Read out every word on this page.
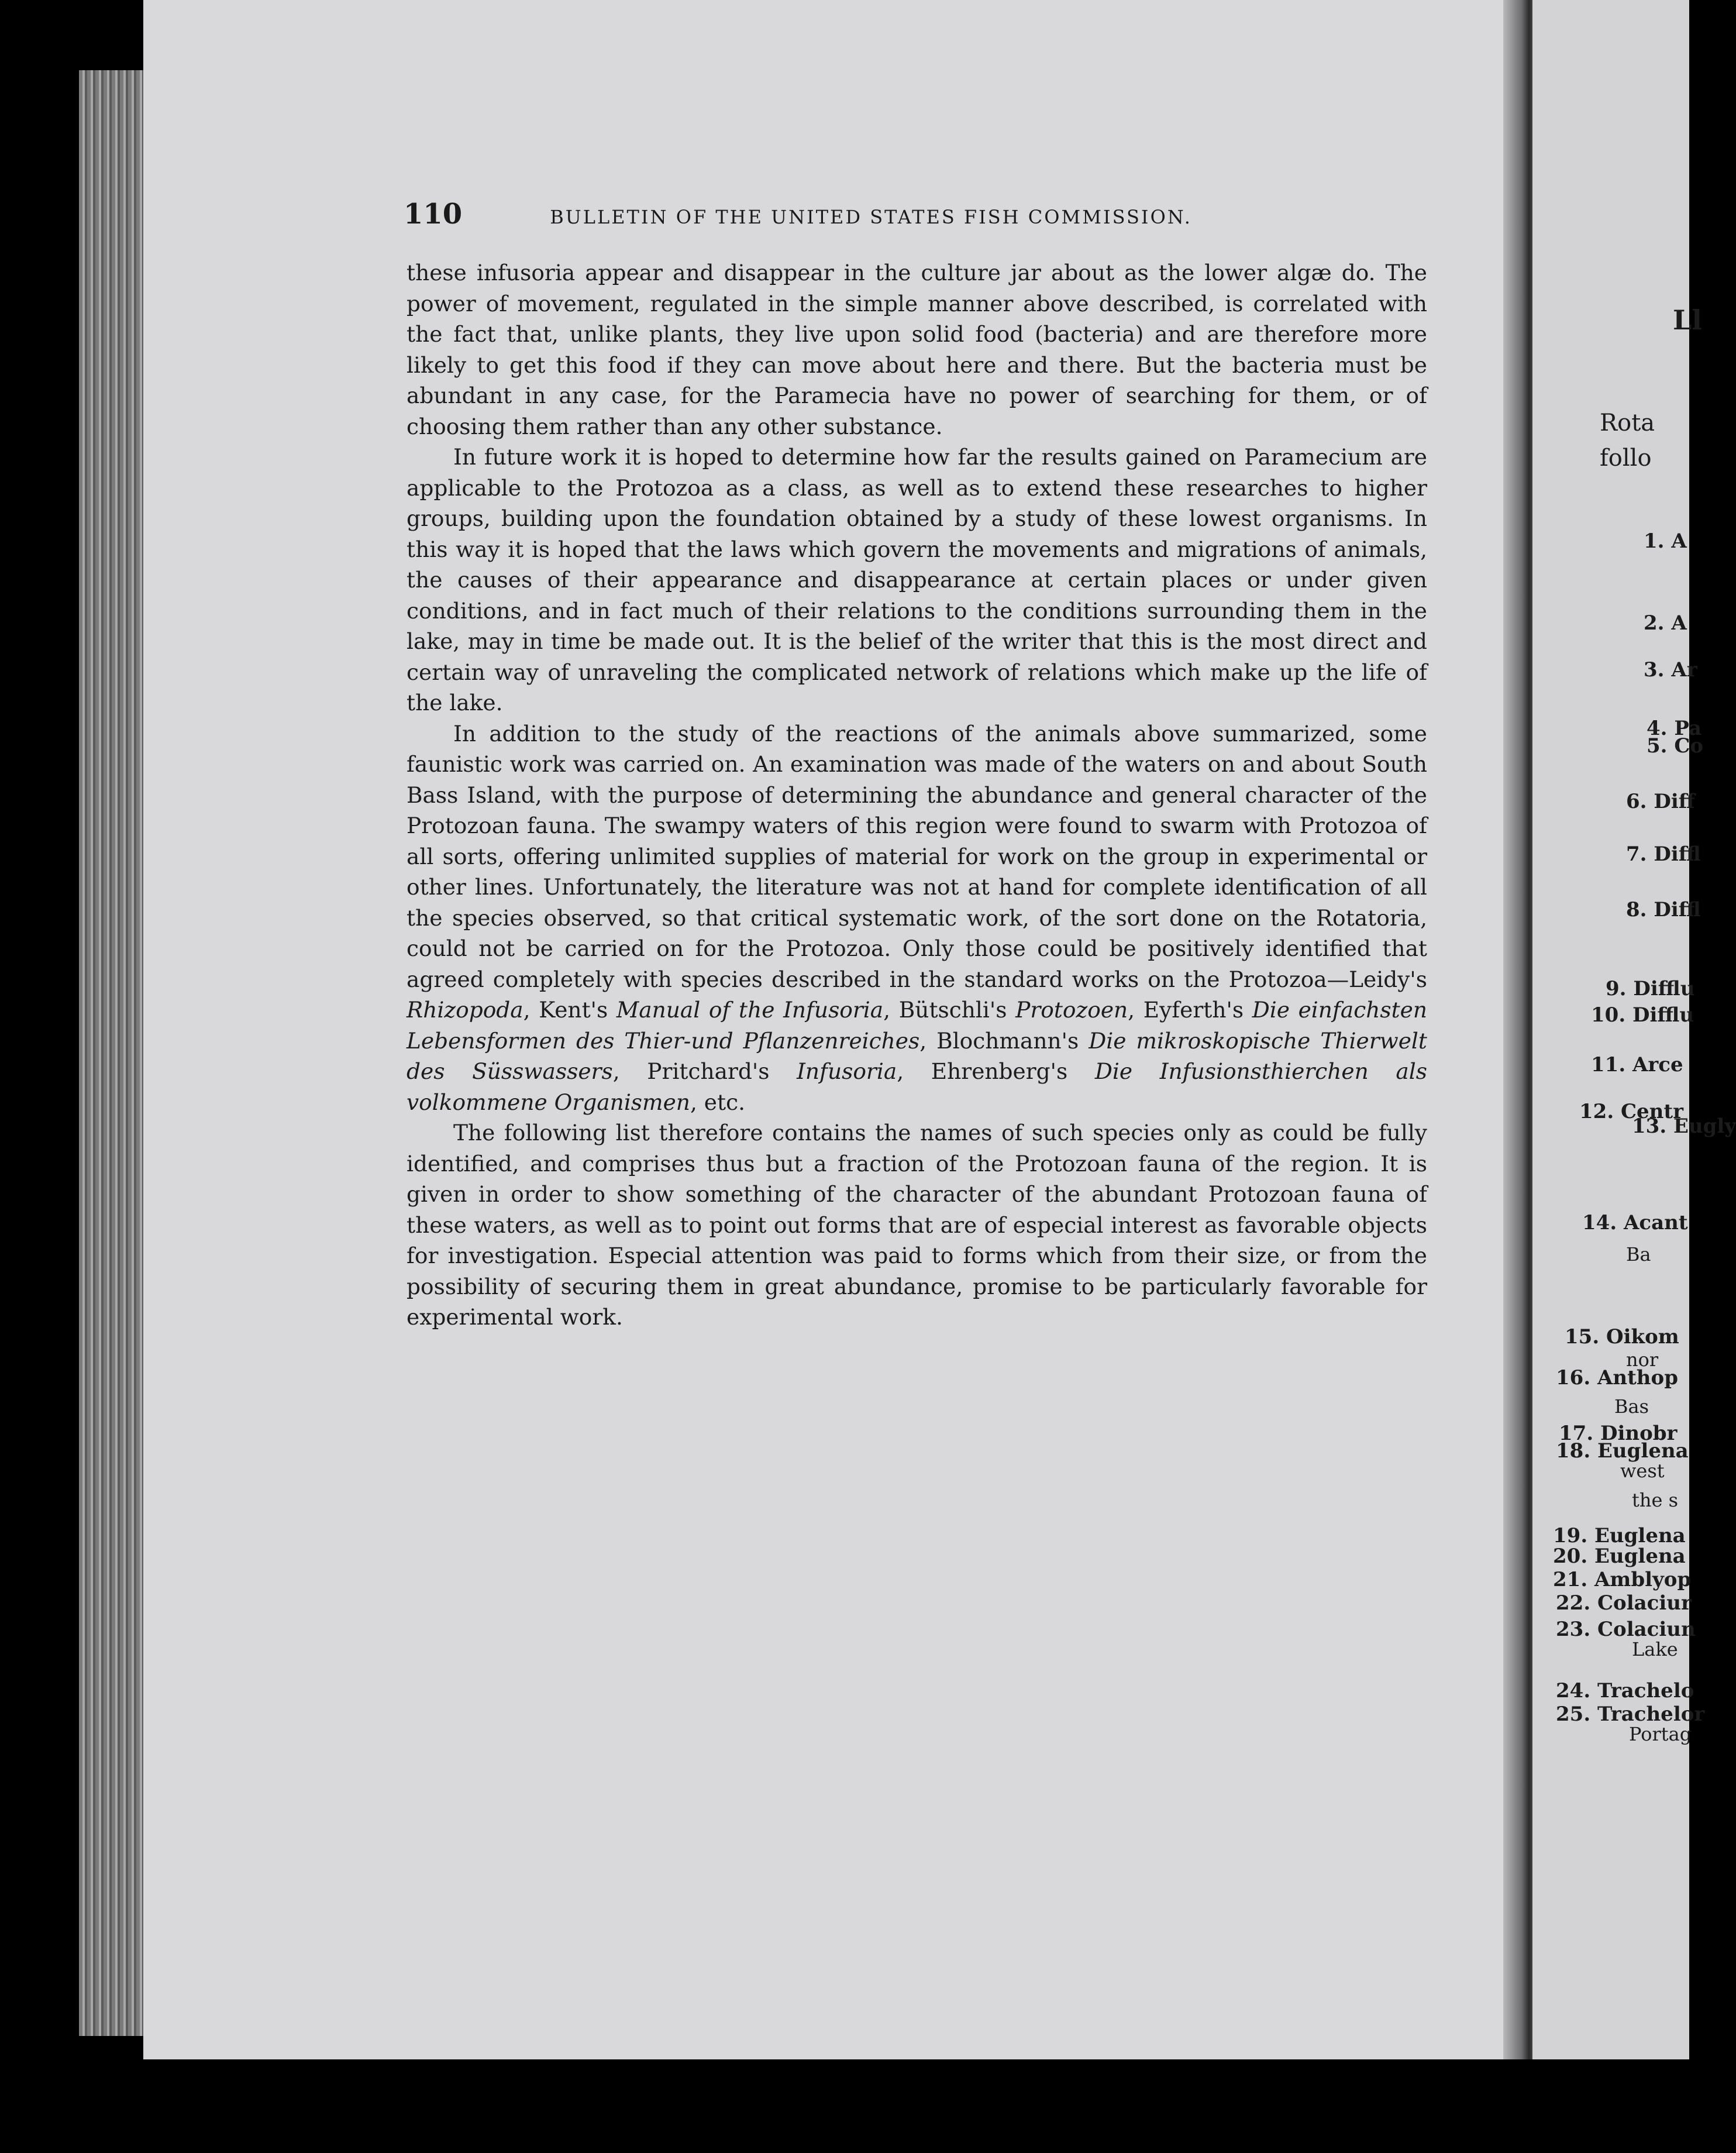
110	BULLETIN OF THE UNITED STATES FISH COMMISSION.

these infusoria appear and disappear in the culture jar about as the lower algæ do. The power of movement, regulated in the simple manner above described, is correlated with the fact that, unlike plants, they live upon solid food (bacteria) and are therefore more likely to get this food if they can move about here and there. But the bacteria must be abundant in any case, for the Paramecia have no power of searching for them, or of choosing them rather than any other substance.

In future work it is hoped to determine how far the results gained on Paramecium are applicable to the Protozoa as a class, as well as to extend these researches to higher groups, building upon the foundation obtained by a study of these lowest organisms. In this way it is hoped that the laws which govern the movements and migrations of animals, the causes of their appearance and disappearance at certain places or under given conditions, and in fact much of their relations to the conditions surrounding them in the lake, may in time be made out. It is the belief of the writer that this is the most direct and certain way of unraveling the complicated network of relations which make up the life of the lake.

In addition to the study of the reactions of the animals above summarized, some faunistic work was carried on. An examination was made of the waters on and about South Bass Island, with the purpose of determining the abundance and general character of the Protozoan fauna. The swampy waters of this region were found to swarm with Protozoa of all sorts, offering unlimited supplies of material for work on the group in experimental or other lines. Unfortunately, the literature was not at hand for complete identification of all the species observed, so that critical systematic work, of the sort done on the Rotatoria, could not be carried on for the Protozoa. Only those could be positively identified that agreed completely with species described in the standard works on the Protozoa—Leidy's Rhizopoda, Kent's Manual of the Infusoria, Bütschli's Protozoen, Eyferth's Die einfachsten Lebensformen des Thier-und Pflanzenreiches, Blochmann's Die mikroskopische Thierwelt des Süsswassers, Pritchard's Infusoria, Ehrenberg's Die Infusionsthierchen als volkommene Organismen, etc.

The following list therefore contains the names of such species only as could be fully identified, and comprises thus but a fraction of the Protozoan fauna of the region. It is given in order to show something of the character of the abundant Protozoan fauna of these waters, as well as to point out forms that are of especial interest as favorable objects for investigation. Especial attention was paid to forms which from their size, or from the possibility of securing them in great abundance, promise to be particularly favorable for experimental work.

Ll
Rota
follo
1. A
2. A
3. Ar
4. Pa
5. Co
6. Diff
7. Diffl
8. Diffl
9. Difflu
10. Difflu
11. Arce
12. Centr
13. Eugly
14. Acant
Ba
15. Oikom
nor
16. Anthop
Bas
17. Dinobr
18. Euglena
west
the s
19. Euglena
20. Euglena
21. Amblyop
22. Colaciur
23. Colaciun
Lake
24. Trachelo
25. Trachelor
Portag
